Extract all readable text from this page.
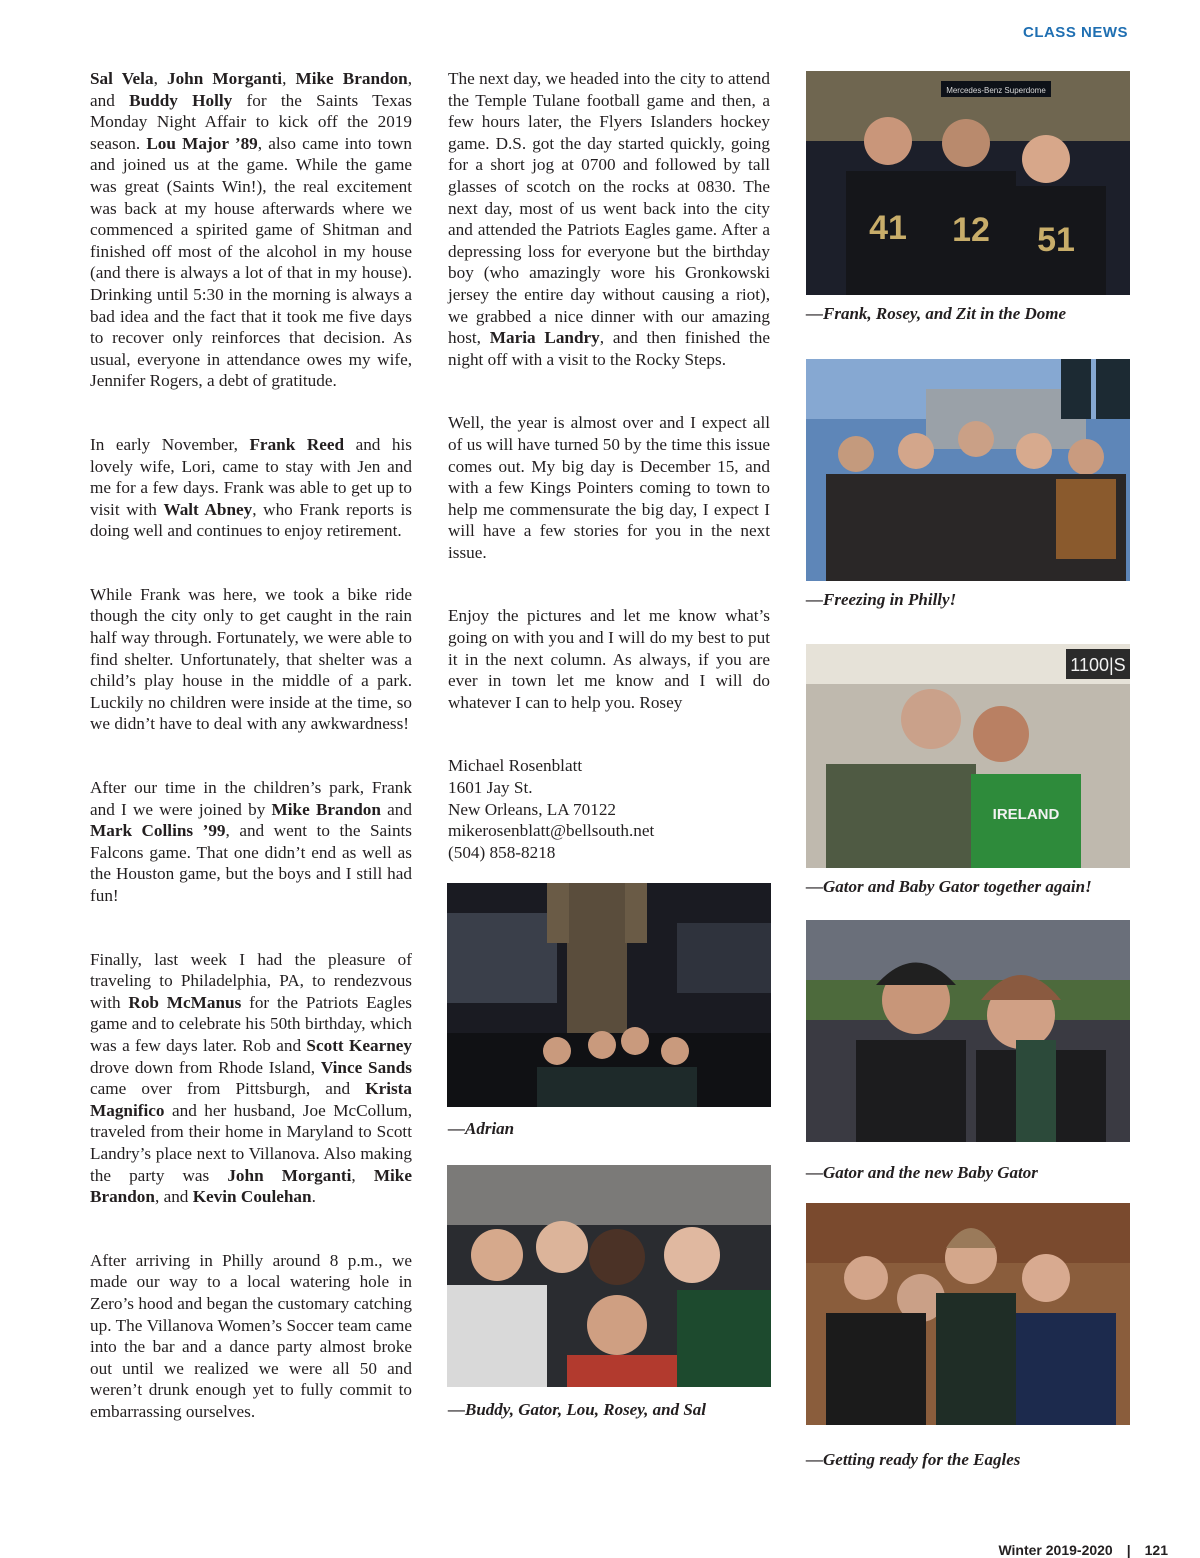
CLASS NEWS

Sal Vela, John Morganti, Mike Brandon, and Buddy Holly for the Saints Texas Monday Night Affair to kick off the 2019 season. Lou Major ’89, also came into town and joined us at the game. While the game was great (Saints Win!), the real excitement was back at my house afterwards where we commenced a spirited game of Shitman and finished off most of the alcohol in my house (and there is always a lot of that in my house). Drinking until 5:30 in the morning is always a bad idea and the fact that it took me five days to recover only reinforces that decision. As usual, everyone in attendance owes my wife, Jennifer Rogers, a debt of gratitude.

In early November, Frank Reed and his lovely wife, Lori, came to stay with Jen and me for a few days. Frank was able to get up to visit with Walt Abney, who Frank reports is doing well and continues to enjoy retirement.

While Frank was here, we took a bike ride though the city only to get caught in the rain half way through. Fortunately, we were able to find shelter. Unfortunately, that shelter was a child’s play house in the middle of a park. Luckily no children were inside at the time, so we didn’t have to deal with any awkwardness!

After our time in the children’s park, Frank and I we were joined by Mike Brandon and Mark Collins ’99, and went to the Saints Falcons game. That one didn’t end as well as the Houston game, but the boys and I still had fun!

Finally, last week I had the pleasure of traveling to Philadelphia, PA, to rendezvous with Rob McManus for the Patriots Eagles game and to celebrate his 50th birthday, which was a few days later. Rob and Scott Kearney drove down from Rhode Island, Vince Sands came over from Pittsburgh, and Krista Magnifico and her husband, Joe McCollum, traveled from their home in Maryland to Scott Landry’s place next to Villanova. Also making the party was John Morganti, Mike Brandon, and Kevin Coulehan.

After arriving in Philly around 8 p.m., we made our way to a local watering hole in Zero’s hood and began the customary catching up. The Villanova Women’s Soccer team came into the bar and a dance party almost broke out until we realized we were all 50 and weren’t drunk enough yet to fully commit to embarrassing ourselves.

The next day, we headed into the city to attend the Temple Tulane football game and then, a few hours later, the Flyers Islanders hockey game. D.S. got the day started quickly, going for a short jog at 0700 and followed by tall glasses of scotch on the rocks at 0830. The next day, most of us went back into the city and attended the Patriots Eagles game. After a depressing loss for everyone but the birthday boy (who amazingly wore his Gronkowski jersey the entire day without causing a riot), we grabbed a nice dinner with our amazing host, Maria Landry, and then finished the night off with a visit to the Rocky Steps.

Well, the year is almost over and I expect all of us will have turned 50 by the time this issue comes out. My big day is December 15, and with a few Kings Pointers coming to town to help me commensurate the big day, I expect I will have a few stories for you in the next issue.

Enjoy the pictures and let me know what’s going on with you and I will do my best to put it in the next column. As always, if you are ever in town let me know and I will do whatever I can to help you. Rosey

Michael Rosenblatt
1601 Jay St.
New Orleans, LA 70122
mikerosenblatt@bellsouth.net
(504) 858-8218
—Adrian
—Buddy, Gator, Lou, Rosey, and Sal
Mercedes-Benz Superdome
41 12 51
—Frank, Rosey, and Zit in the Dome
—Freezing in Philly!
1100|S
IRELAND
—Gator and Baby Gator together again!
—Gator and the new Baby Gator
—Getting ready for the Eagles
Winter 2019-2020 | 121
